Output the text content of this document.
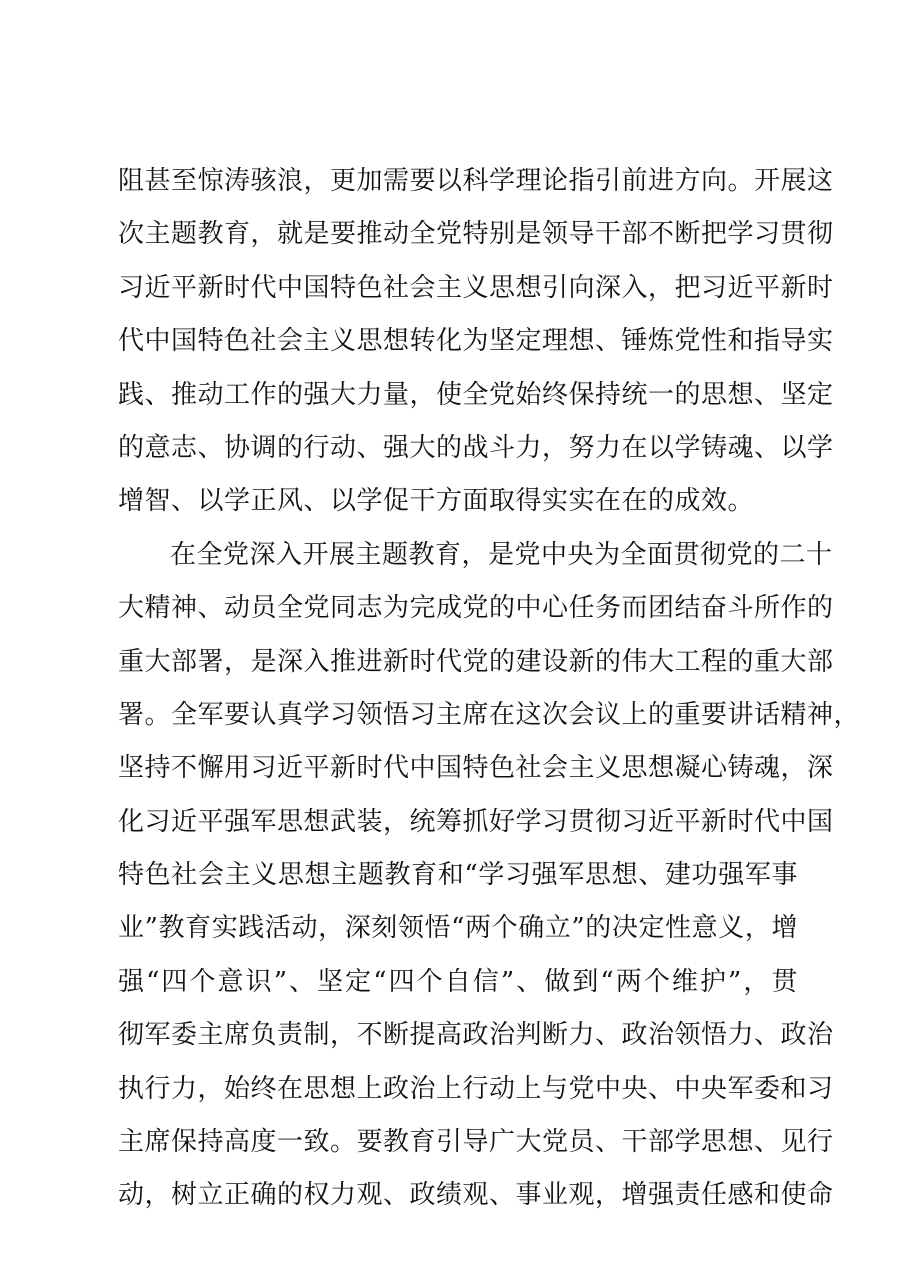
阻甚至惊涛骇浪，更加需要以科学理论指引前进方向。开展这
次主题教育，就是要推动全党特别是领导干部不断把学习贯彻
习近平新时代中国特色社会主义思想引向深入，把习近平新时
代中国特色社会主义思想转化为坚定理想、锤炼党性和指导实
践、推动工作的强大力量，使全党始终保持统一的思想、坚定
的意志、协调的行动、强大的战斗力，努力在以学铸魂、以学
增智、以学正风、以学促干方面取得实实在在的成效。
在全党深入开展主题教育，是党中央为全面贯彻党的二十
大精神、动员全党同志为完成党的中心任务而团结奋斗所作的
重大部署，是深入推进新时代党的建设新的伟大工程的重大部
署。全军要认真学习领悟习主席在这次会议上的重要讲话精神，
坚持不懈用习近平新时代中国特色社会主义思想凝心铸魂，深
化习近平强军思想武装，统筹抓好学习贯彻习近平新时代中国
特色社会主义思想主题教育和“学习强军思想、建功强军事
业”教育实践活动，深刻领悟“两个确立”的决定性意义，增
强“四个意识”、坚定“四个自信”、做到“两个维护”，贯
彻军委主席负责制，不断提高政治判断力、政治领悟力、政治
执行力，始终在思想上政治上行动上与党中央、中央军委和习
主席保持高度一致。要教育引导广大党员、干部学思想、见行
动，树立正确的权力观、政绩观、事业观，增强责任感和使命
